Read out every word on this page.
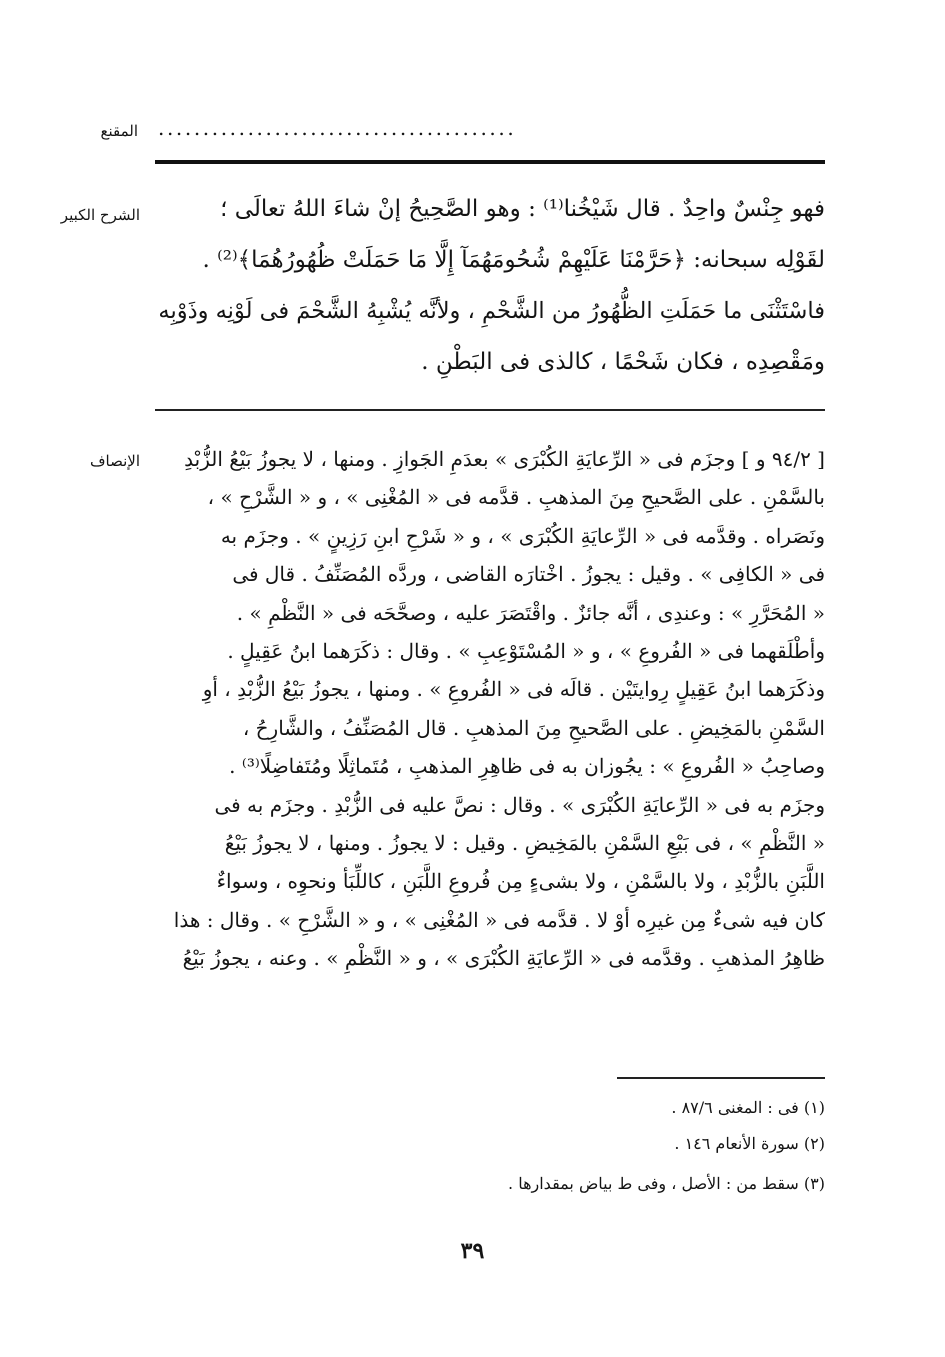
المقنع ........................................
الشرح الكبير	فهو جِنْسٌ واحِدٌ . قال شَيْخُنا⁽¹⁾ : وهو الصَّحِيحُ إنْ شاءَ اللهُ تعالَى ؛
لقَوْلِه سبحانه: ﴿حَرَّمْنَا عَلَيْهِمْ شُحُومَهُمَآ إِلَّا مَا حَمَلَتْ ظُهُورُهُمَا﴾⁽²⁾ .
فاسْتَثْنَى ما حَمَلَتِ الظُّهُورُ من الشَّحْمِ ، ولأنَّه يُشْبِهُ الشَّحْمَ فى لَوْنِه وذَوْبِه
ومَقْصِدِه ، فكان شَحْمًا ، كالذى فى البَطْنِ .
الإنصاف	[ ٩٤/٢ و ] وجزَم فى « الرِّعايَةِ الكُبْرَى » بعدَمِ الجَوازِ . ومنها ، لا يجوزُ بَيْعُ الزُّبْدِ
بالسَّمْنِ . على الصَّحيحِ مِنَ المذهبِ . قدَّمه فى « المُغْنِى » ، و « الشَّرْحِ » ،
ونَصَراه . وقدَّمه فى « الرِّعايَةِ الكُبْرَى » ، و « شَرْحِ ابنِ رَزِينٍ » . وجزَم به
فى « الكافِى » . وقيل : يجوزُ . اخْتارَه القاضى ، وردَّه المُصَنِّفُ . قال فى
« المُحَرَّرِ » : وعندِى ، أنَّه جائزٌ . واقْتَصَرَ عليه ، وصحَّحَه فى « النَّظْمِ » .
وأطْلَقهما فى « الفُروعِ » ، و « المُسْتَوْعِبِ » . وقال : ذكَرَهما ابنُ عَقِيلٍ .
وذكَرَهما ابنُ عَقِيلٍ رِوايتَيْن . قالَه فى « الفُروعِ » . ومنها ، يجوزُ بَيْعُ الزُّبْدِ ، أوِ
السَّمْنِ بالمَخِيضِ . على الصَّحيحِ مِنَ المذهبِ . قال المُصَنِّفُ ، والشَّارِحُ ،
وصاحِبُ « الفُروعِ » : يجُوزان به فى ظاهِرِ المذهبِ ، مُتَماثِلًا ومُتَفاضِلًا⁽³⁾ .
وجزَم به فى « الرِّعايَةِ الكُبْرَى » . وقال : نصَّ عليه فى الزُّبْدِ . وجزَم به فى
« النَّظْمِ » ، فى بَيْعِ السَّمْنِ بالمَخِيضِ . وقيل : لا يجوزُ . ومنها ، لا يجوزُ بَيْعُ
اللَّبَنِ بالزُّبْدِ ، ولا بالسَّمْنِ ، ولا بشىءٍ مِن فُروعِ اللَّبَنِ ، كاللِّبَأ ونحوِه ، وسواءٌ
كان فيه شىءٌ مِن غيرِه أوْ لا . قدَّمه فى « المُغْنِى » ، و « الشَّرْحِ » . وقال : هذا
ظاهِرُ المذهبِ . وقدَّمه فى « الرِّعايَةِ الكُبْرَى » ، و « النَّظْمِ » . وعنه ، يجوزُ بَيْعُ
(١) فى : المغنى ٨٧/٦ .
(٢) سورة الأنعام ١٤٦ .
(٣) سقط من : الأصل ، وفى ط بياض بمقدارها .
٣٩
